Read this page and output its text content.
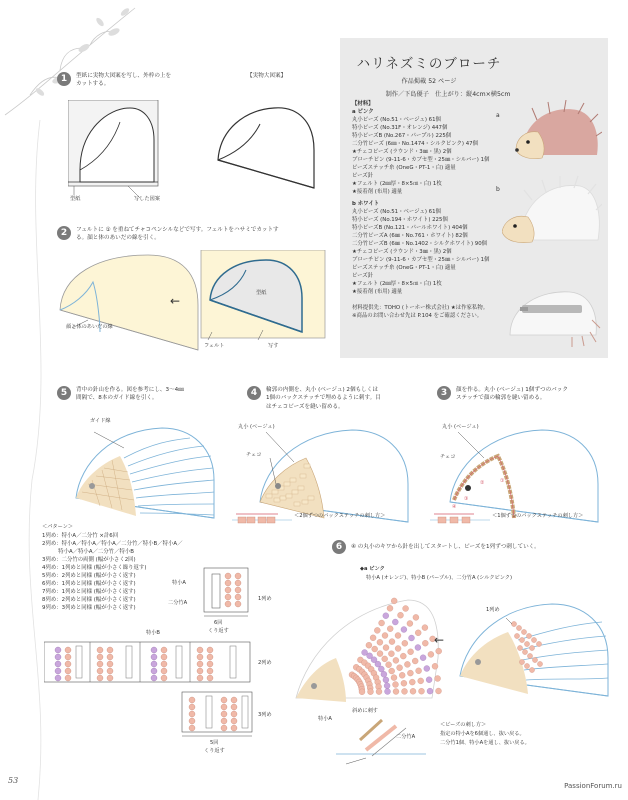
1	型紙に実物大図案を写し、外枠の上を
カットする。
【実物大図案】
型紙	写した図案
2	フェルトに ① を重ねてチャコペンシルなどで写す。フェルトをハサミでカットす
る。顔と体のあいだの線を引く。
←
顔と体のあいだの線
型紙
フェルト	写す
ハリネズミのブローチ
作品掲載 52 ページ
制作／下島優子　仕上がり：縦4cm×横5cm
【材料】
a ピンク
丸小ビーズ (No.51・ベージュ) 61個
特小ビーズ (No.31F・オレンジ) 447個
特小ビーズB (No.267・パープル) 225個
二分竹ビーズ (6㎜・No.1474・シルクピンク) 47個
★チェコビーズ (ラウンド・3㎜・黒) 2個
ブローチピン (9-11-6・カブセ型・25㎜・シルバー) 1個
ビーズステッチ糸 (OneG・PT-1・白) 適量
ビーズ針
★フェルト (2㎜厚・8×5㎝・白) 1枚
★接着剤 (布用) 適量
b ホワイト
丸小ビーズ (No.51・ベージュ) 61個
特小ビーズ (No.194・ホワイト) 225個
特小ビーズB (No.121・パールホワイト) 404個
二分竹ビーズA (6㎜・No.761・ホワイト) 82個
二分竹ビーズB (6㎜・No.1402・シルクホワイト) 90個
★チェコビーズ (ラウンド・3㎜・黒) 2個
ブローチピン (9-11-6・カブセ型・25㎜・シルバー) 1個
ビーズステッチ糸 (OneG・PT-1・白) 適量
ビーズ針
★フェルト (2㎜厚・8×5㎝・白) 1枚
★接着剤 (布用) 適量
材料提供先：TOHO (トーホー株式会社) ★は作家私物。
※商品のお問い合わせ先は P.104 をご確認ください。
a
b
5	背中の針山を作る。図を参考にし、3〜4㎜
間隔で、8本のガイド線を引く。
ガイド線
4	輪郭の内側を、丸小 (ベージュ) 2個もしくは
1個のバックステッチで埋めるように刺す。目
はチェコビーズを縫い留める。
丸小 (ベージュ)
チェコ
＜2個ずつのバックステッチの刺し方＞
3	顔を作る。丸小 (ベージュ) 1個ずつのバック
ステッチで顔の輪郭を縫い留める。
丸小 (ベージュ)
チェコ
②	①
③
④
＜1個ずつのバックステッチの刺し方＞
＜パターン＞
1列め：特小A／二分竹 ×計6回
2列め：特小A／特小A／特小A／二分竹／特小B／特小A／
　　　特小A／特小A／二分竹／特小B
3列め：二分竹の両側 (幅が小さく2回)
4列め：1列めと同様 (幅が小さく繰り返す)
5列め：2列めと同様 (幅が小さく返す)
6列め：1列めと同様 (幅が小さく返す)
7列め：1列めと同様 (幅が小さく返す)
8列め：2列めと同様 (幅が小さく返す)
9列め：3列めと同様 (幅が小さく返す)
特小A
二分竹A
1列め
6回
くり返す
特小B
2列め
3列め
5回
くり返す
6	④ の丸小のキワから針を出してスタートし、ビーズを1列ずつ刺していく。
◆a ピンク
特小A (オレンジ)、特小B (パープル)、二分竹A (シルクピンク)
←
1列め
斜めに刺す
特小A
二分竹A
＜ビーズの刺し方＞
指定の特小Aを6個通し、抜い戻る。
二分竹1個、特小Aを通し、抜い戻る。
53
PassionForum.ru
